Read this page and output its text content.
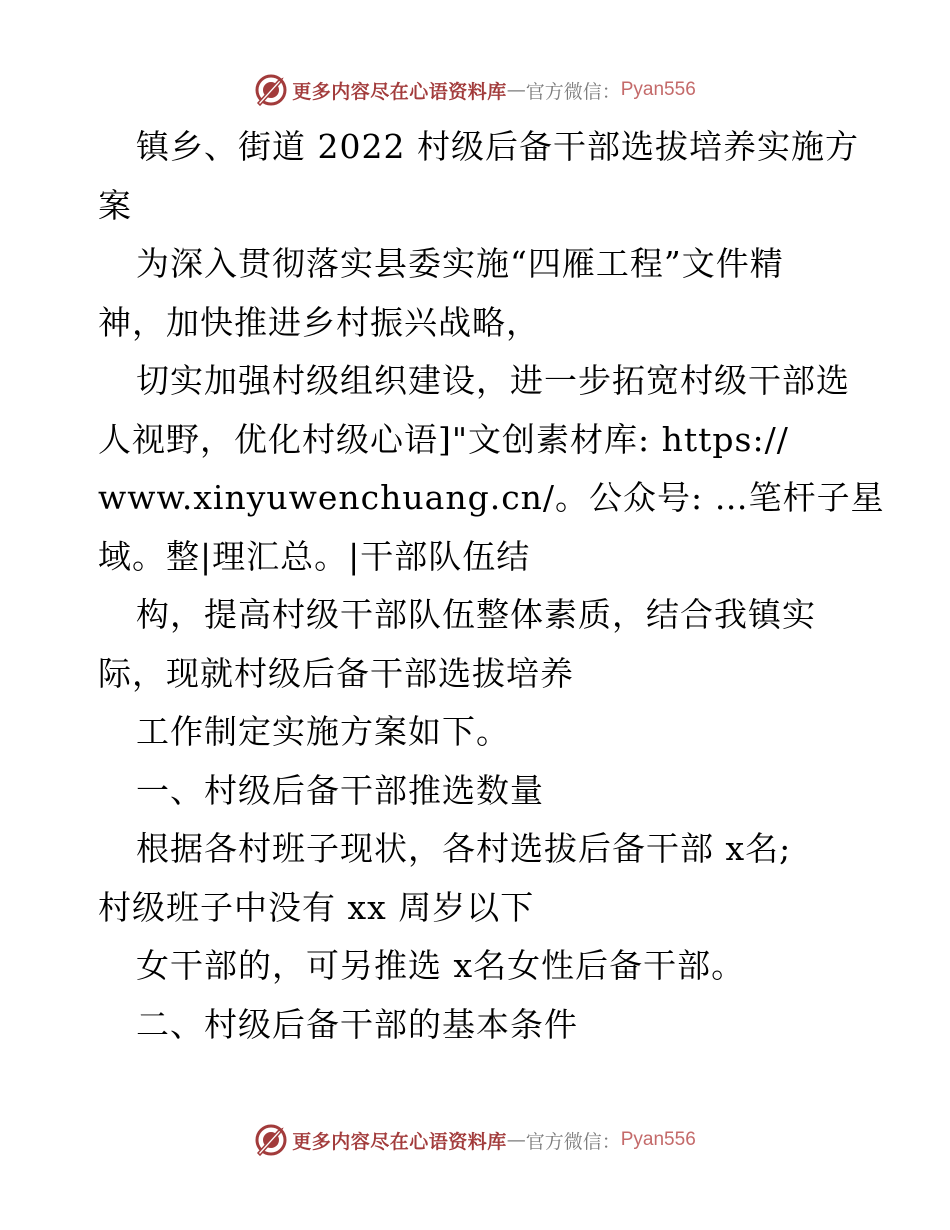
更多内容尽在心语资料库 — 官方微信： Pyan556
镇乡、街道 2022 村级后备干部选拔培养实施方
案
为深入贯彻落实县委实施“四雁工程”文件精
神，加快推进乡村振兴战略，
切实加强村级组织建设，进一步拓宽村级干部选
人视野，优化村级心语]"文创素材库: https://
www.xinyuwenchuang.cn/。公众号: …笔杆子星
域。整|理汇总。|干部队伍结
构，提高村级干部队伍整体素质，结合我镇实
际，现就村级后备干部选拔培养
工作制定实施方案如下。
一、村级后备干部推选数量
根据各村班子现状，各村选拔后备干部 x名;
村级班子中没有 xx 周岁以下
女干部的，可另推选 x名女性后备干部。
二、村级后备干部的基本条件
更多内容尽在心语资料库 — 官方微信： Pyan556
